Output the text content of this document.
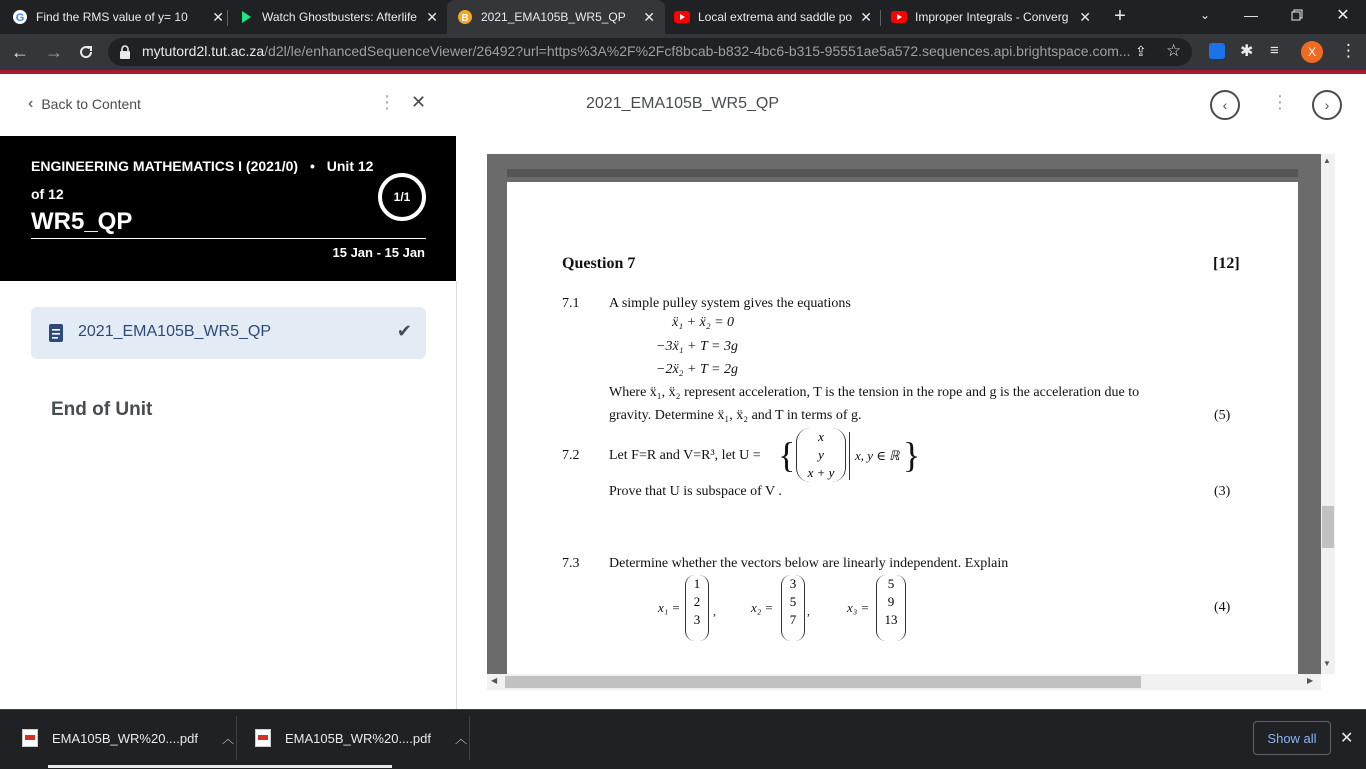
G Find the RMS value of y= 10	✕	Watch Ghostbusters: Afterlife ✕ B 2021_EMA105B_WR5_QP	✕	Local extrema and saddle po ✕	Improper Integrals - Converg ✕	+	⌄	—	✕
← →	mytutord2l.tut.ac.za/d2l/le/enhancedSequenceViewer/26492?url=https%3A%2F%2Fcf8bcab-b832-4bc6-b315-95551ae5a572.sequences.api.brightspace.com... ⇪ ☆	✱ ≡	X	⋮
‹ Back to Content	⋮ ✕
ENGINEERING MATHEMATICS I (2021/0) • Unit 12
of 12
WR5_QP
15 Jan - 15 Jan
1/1
2021_EMA105B_WR5_QP	✔
End of Unit
2021_EMA105B_WR5_QP	‹	⋮	›
▲
▼
◀	▶
Question 7	[12]
7.1 A simple pulley system gives the equations
ẍ₁ + ẍ₂ = 0
−3ẍ₁ + T = 3g
−2ẍ₂ + T = 2g
Where ẍ₁, ẍ₂ represent acceleration, T is the tension in the rope and g is the acceleration due to
gravity. Determine ẍ₁, ẍ₂ and T in terms of g.	(5)
7.2 Let F=R and V=R³, let U = {	x
y
x + y
x, y ∈ ℝ }
Prove that U is subspace of V .	(3)
7.3 Determine whether the vectors below are linearly independent. Explain
x₁ =
1
2
3
,	x₂ =
3
5
7
,	x₃ =
5
9
13
(4)
EMA105B_WR%20....pdf ︿	EMA105B_WR%20....pdf ︿	Show all	✕
